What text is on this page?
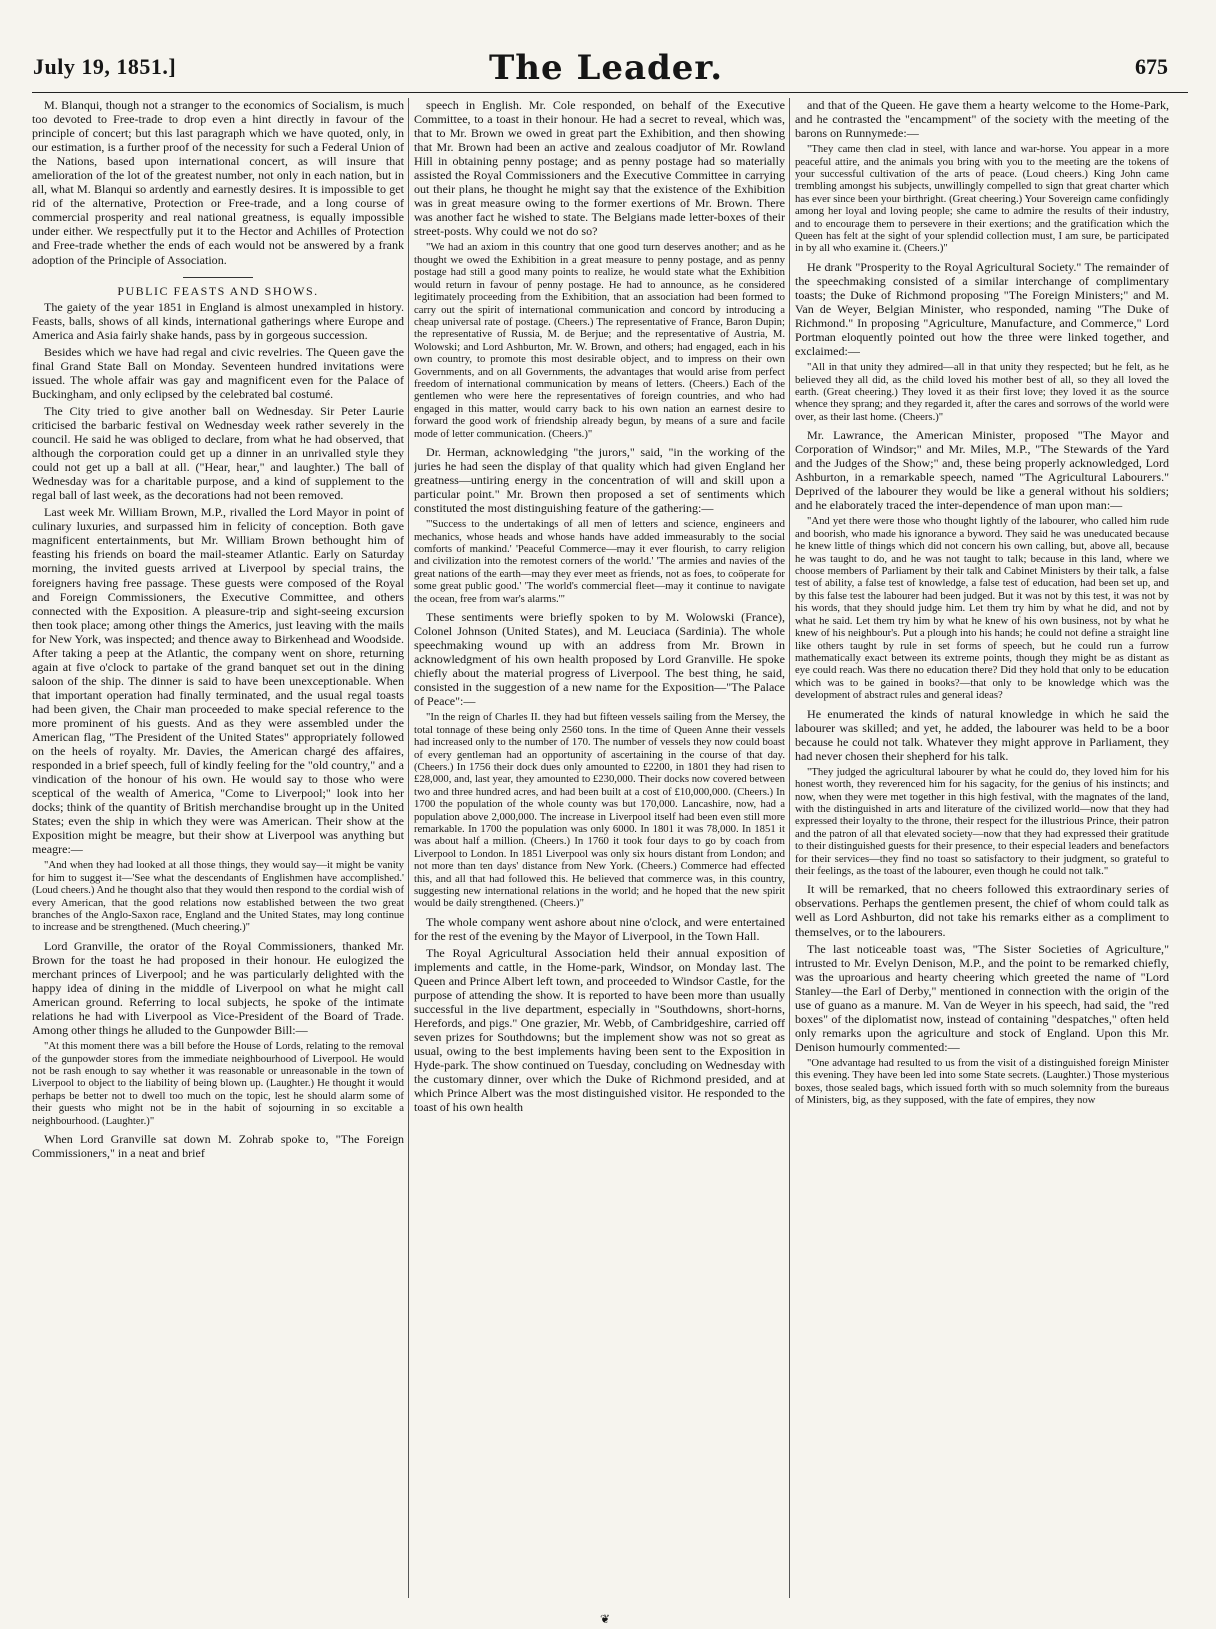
July 19, 1851.]	The Leader.	675

M. Blanqui, though not a stranger to the economics of Socialism, is much too devoted to Free-trade to drop even a hint directly in favour of the principle of concert; but this last paragraph which we have quoted, only, in our estimation, is a further proof of the necessity for such a Federal Union of the Nations, based upon international concert, as will insure that amelioration of the lot of the greatest number, not only in each nation, but in all, what M. Blanqui so ardently and earnestly desires. It is impossible to get rid of the alternative, Protection or Free-trade, and a long course of commercial prosperity and real national greatness, is equally impossible under either. We respectfully put it to the Hector and Achilles of Protection and Free-trade whether the ends of each would not be answered by a frank adoption of the Principle of Association.

PUBLIC FEASTS AND SHOWS.

The gaiety of the year 1851 in England is almost unexampled in history. Feasts, balls, shows of all kinds, international gatherings where Europe and America and Asia fairly shake hands, pass by in gorgeous succession.

Besides which we have had regal and civic revelries. The Queen gave the final Grand State Ball on Monday. Seventeen hundred invitations were issued. The whole affair was gay and magnificent even for the Palace of Buckingham, and only eclipsed by the celebrated bal costumé.

The City tried to give another ball on Wednesday. Sir Peter Laurie criticised the barbaric festival on Wednesday week rather severely in the council. He said he was obliged to declare, from what he had observed, that although the corporation could get up a dinner in an unrivalled style they could not get up a ball at all. ("Hear, hear," and laughter.) The ball of Wednesday was for a charitable purpose, and a kind of supplement to the regal ball of last week, as the decorations had not been removed.

Last week Mr. William Brown, M.P., rivalled the Lord Mayor in point of culinary luxuries, and surpassed him in felicity of conception. Both gave magnificent entertainments, but Mr. William Brown bethought him of feasting his friends on board the mail-steamer Atlantic. Early on Saturday morning, the invited guests arrived at Liverpool by special trains, the foreigners having free passage. These guests were composed of the Royal and Foreign Commissioners, the Executive Committee, and others connected with the Exposition. A pleasure-trip and sight-seeing excursion then took place; among other things the Americs, just leaving with the mails for New York, was inspected; and thence away to Birkenhead and Woodside. After taking a peep at the Atlantic, the company went on shore, returning again at five o'clock to partake of the grand banquet set out in the dining saloon of the ship. The dinner is said to have been unexceptionable. When that important operation had finally terminated, and the usual regal toasts had been given, the Chair man proceeded to make special reference to the more prominent of his guests. And as they were assembled under the American flag, "The President of the United States" appropriately followed on the heels of royalty. Mr. Davies, the American chargé des affaires, responded in a brief speech, full of kindly feeling for the "old country," and a vindication of the honour of his own. He would say to those who were sceptical of the wealth of America, "Come to Liverpool;" look into her docks; think of the quantity of British merchandise brought up in the United States; even the ship in which they were was American. Their show at the Exposition might be meagre, but their show at Liverpool was anything but meagre:—

"And when they had looked at all those things, they would say—it might be vanity for him to suggest it—'See what the descendants of Englishmen have accomplished.' (Loud cheers.) And he thought also that they would then respond to the cordial wish of every American, that the good relations now established between the two great branches of the Anglo-Saxon race, England and the United States, may long continue to increase and be strengthened. (Much cheering.)"

Lord Granville, the orator of the Royal Commissioners, thanked Mr. Brown for the toast he had proposed in their honour. He eulogized the merchant princes of Liverpool; and he was particularly delighted with the happy idea of dining in the middle of Liverpool on what he might call American ground. Referring to local subjects, he spoke of the intimate relations he had with Liverpool as Vice-President of the Board of Trade. Among other things he alluded to the Gunpowder Bill:—

"At this moment there was a bill before the House of Lords, relating to the removal of the gunpowder stores from the immediate neighbourhood of Liverpool. He would not be rash enough to say whether it was reasonable or unreasonable in the town of Liverpool to object to the liability of being blown up. (Laughter.) He thought it would perhaps be better not to dwell too much on the topic, lest he should alarm some of their guests who might not be in the habit of sojourning in so excitable a neighbourhood. (Laughter.)"

When Lord Granville sat down M. Zohrab spoke to, "The Foreign Commissioners," in a neat and brief

speech in English. Mr. Cole responded, on behalf of the Executive Committee, to a toast in their honour. He had a secret to reveal, which was, that to Mr. Brown we owed in great part the Exhibition, and then showing that Mr. Brown had been an active and zealous coadjutor of Mr. Rowland Hill in obtaining penny postage; and as penny postage had so materially assisted the Royal Commissioners and the Executive Committee in carrying out their plans, he thought he might say that the existence of the Exhibition was in great measure owing to the former exertions of Mr. Brown. There was another fact he wished to state. The Belgians made letter-boxes of their street-posts. Why could we not do so?

"We had an axiom in this country that one good turn deserves another; and as he thought we owed the Exhibition in a great measure to penny postage, and as penny postage had still a good many points to realize, he would state what the Exhibition would return in favour of penny postage. He had to announce, as he considered legitimately proceeding from the Exhibition, that an association had been formed to carry out the spirit of international communication and concord by introducing a cheap universal rate of postage. (Cheers.) The representative of France, Baron Dupin; the representative of Russia, M. de Berjue; and the representative of Austria, M. Wolowski; and Lord Ashburton, Mr. W. Brown, and others; had engaged, each in his own country, to promote this most desirable object, and to impress on their own Governments, and on all Governments, the advantages that would arise from perfect freedom of international communication by means of letters. (Cheers.) Each of the gentlemen who were here the representatives of foreign countries, and who had engaged in this matter, would carry back to his own nation an earnest desire to forward the good work of friendship already begun, by means of a sure and facile mode of letter communication. (Cheers.)"

Dr. Herman, acknowledging "the jurors," said, "in the working of the juries he had seen the display of that quality which had given England her greatness—untiring energy in the concentration of will and skill upon a particular point." Mr. Brown then proposed a set of sentiments which constituted the most distinguishing feature of the gathering:—

"'Success to the undertakings of all men of letters and science, engineers and mechanics, whose heads and whose hands have added immeasurably to the social comforts of mankind.' 'Peaceful Commerce—may it ever flourish, to carry religion and civilization into the remotest corners of the world.' 'The armies and navies of the great nations of the earth—may they ever meet as friends, not as foes, to coöperate for some great public good.' 'The world's commercial fleet—may it continue to navigate the ocean, free from war's alarms.'"

These sentiments were briefly spoken to by M. Wolowski (France), Colonel Johnson (United States), and M. Leuciaca (Sardinia). The whole speechmaking wound up with an address from Mr. Brown in acknowledgment of his own health proposed by Lord Granville. He spoke chiefly about the material progress of Liverpool. The best thing, he said, consisted in the suggestion of a new name for the Exposition—"The Palace of Peace":—

"In the reign of Charles II. they had but fifteen vessels sailing from the Mersey, the total tonnage of these being only 2560 tons. In the time of Queen Anne their vessels had increased only to the number of 170. The number of vessels they now could boast of every gentleman had an opportunity of ascertaining in the course of that day. (Cheers.) In 1756 their dock dues only amounted to £2200, in 1801 they had risen to £28,000, and, last year, they amounted to £230,000. Their docks now covered between two and three hundred acres, and had been built at a cost of £10,000,000. (Cheers.) In 1700 the population of the whole county was but 170,000. Lancashire, now, had a population above 2,000,000. The increase in Liverpool itself had been even still more remarkable. In 1700 the population was only 6000. In 1801 it was 78,000. In 1851 it was about half a million. (Cheers.) In 1760 it took four days to go by coach from Liverpool to London. In 1851 Liverpool was only six hours distant from London; and not more than ten days' distance from New York. (Cheers.) Commerce had effected this, and all that had followed this. He believed that commerce was, in this country, suggesting new international relations in the world; and he hoped that the new spirit would be daily strengthened. (Cheers.)"

The whole company went ashore about nine o'clock, and were entertained for the rest of the evening by the Mayor of Liverpool, in the Town Hall.

The Royal Agricultural Association held their annual exposition of implements and cattle, in the Home-park, Windsor, on Monday last. The Queen and Prince Albert left town, and proceeded to Windsor Castle, for the purpose of attending the show. It is reported to have been more than usually successful in the live department, especially in "Southdowns, short-horns, Herefords, and pigs." One grazier, Mr. Webb, of Cambridgeshire, carried off seven prizes for Southdowns; but the implement show was not so great as usual, owing to the best implements having been sent to the Exposition in Hyde-park. The show continued on Tuesday, concluding on Wednesday with the customary dinner, over which the Duke of Richmond presided, and at which Prince Albert was the most distinguished visitor. He responded to the toast of his own health

and that of the Queen. He gave them a hearty welcome to the Home-Park, and he contrasted the "encampment" of the society with the meeting of the barons on Runnymede:—

"They came then clad in steel, with lance and war-horse. You appear in a more peaceful attire, and the animals you bring with you to the meeting are the tokens of your successful cultivation of the arts of peace. (Loud cheers.) King John came trembling amongst his subjects, unwillingly compelled to sign that great charter which has ever since been your birthright. (Great cheering.) Your Sovereign came confidingly among her loyal and loving people; she came to admire the results of their industry, and to encourage them to persevere in their exertions; and the gratification which the Queen has felt at the sight of your splendid collection must, I am sure, be participated in by all who examine it. (Cheers.)"

He drank "Prosperity to the Royal Agricultural Society." The remainder of the speechmaking consisted of a similar interchange of complimentary toasts; the Duke of Richmond proposing "The Foreign Ministers;" and M. Van de Weyer, Belgian Minister, who responded, naming "The Duke of Richmond." In proposing "Agriculture, Manufacture, and Commerce," Lord Portman eloquently pointed out how the three were linked together, and exclaimed:—

"All in that unity they admired—all in that unity they respected; but he felt, as he believed they all did, as the child loved his mother best of all, so they all loved the earth. (Great cheering.) They loved it as their first love; they loved it as the source whence they sprang; and they regarded it, after the cares and sorrows of the world were over, as their last home. (Cheers.)"

Mr. Lawrance, the American Minister, proposed "The Mayor and Corporation of Windsor;" and Mr. Miles, M.P., "The Stewards of the Yard and the Judges of the Show;" and, these being properly acknowledged, Lord Ashburton, in a remarkable speech, named "The Agricultural Labourers." Deprived of the labourer they would be like a general without his soldiers; and he elaborately traced the inter-dependence of man upon man:—

"And yet there were those who thought lightly of the labourer, who called him rude and boorish, who made his ignorance a byword. They said he was uneducated because he knew little of things which did not concern his own calling, but, above all, because he was taught to do, and he was not taught to talk; because in this land, where we choose members of Parliament by their talk and Cabinet Ministers by their talk, a false test of ability, a false test of knowledge, a false test of education, had been set up, and by this false test the labourer had been judged. But it was not by this test, it was not by his words, that they should judge him. Let them try him by what he did, and not by what he said. Let them try him by what he knew of his own business, not by what he knew of his neighbour's. Put a plough into his hands; he could not define a straight line like others taught by rule in set forms of speech, but he could run a furrow mathematically exact between its extreme points, though they might be as distant as eye could reach. Was there no education there? Did they hold that only to be education which was to be gained in books?—that only to be knowledge which was the development of abstract rules and general ideas?

He enumerated the kinds of natural knowledge in which he said the labourer was skilled; and yet, he added, the labourer was held to be a boor because he could not talk. Whatever they might approve in Parliament, they had never chosen their shepherd for his talk.

"They judged the agricultural labourer by what he could do, they loved him for his honest worth, they reverenced him for his sagacity, for the genius of his instincts; and now, when they were met together in this high festival, with the magnates of the land, with the distinguished in arts and literature of the civilized world—now that they had expressed their loyalty to the throne, their respect for the illustrious Prince, their patron and the patron of all that elevated society—now that they had expressed their gratitude to their distinguished guests for their presence, to their especial leaders and benefactors for their services—they find no toast so satisfactory to their judgment, so grateful to their feelings, as the toast of the labourer, even though he could not talk."

It will be remarked, that no cheers followed this extraordinary series of observations. Perhaps the gentlemen present, the chief of whom could talk as well as Lord Ashburton, did not take his remarks either as a compliment to themselves, or to the labourers.

The last noticeable toast was, "The Sister Societies of Agriculture," intrusted to Mr. Evelyn Denison, M.P., and the point to be remarked chiefly, was the uproarious and hearty cheering which greeted the name of "Lord Stanley—the Earl of Derby," mentioned in connection with the origin of the use of guano as a manure. M. Van de Weyer in his speech, had said, the "red boxes" of the diplomatist now, instead of containing "despatches," often held only remarks upon the agriculture and stock of England. Upon this Mr. Denison humourly commented:—

"One advantage had resulted to us from the visit of a distinguished foreign Minister this evening. They have been led into some State secrets. (Laughter.) Those mysterious boxes, those sealed bags, which issued forth with so much solemnity from the bureaus of Ministers, big, as they supposed, with the fate of empires, they now

❦
